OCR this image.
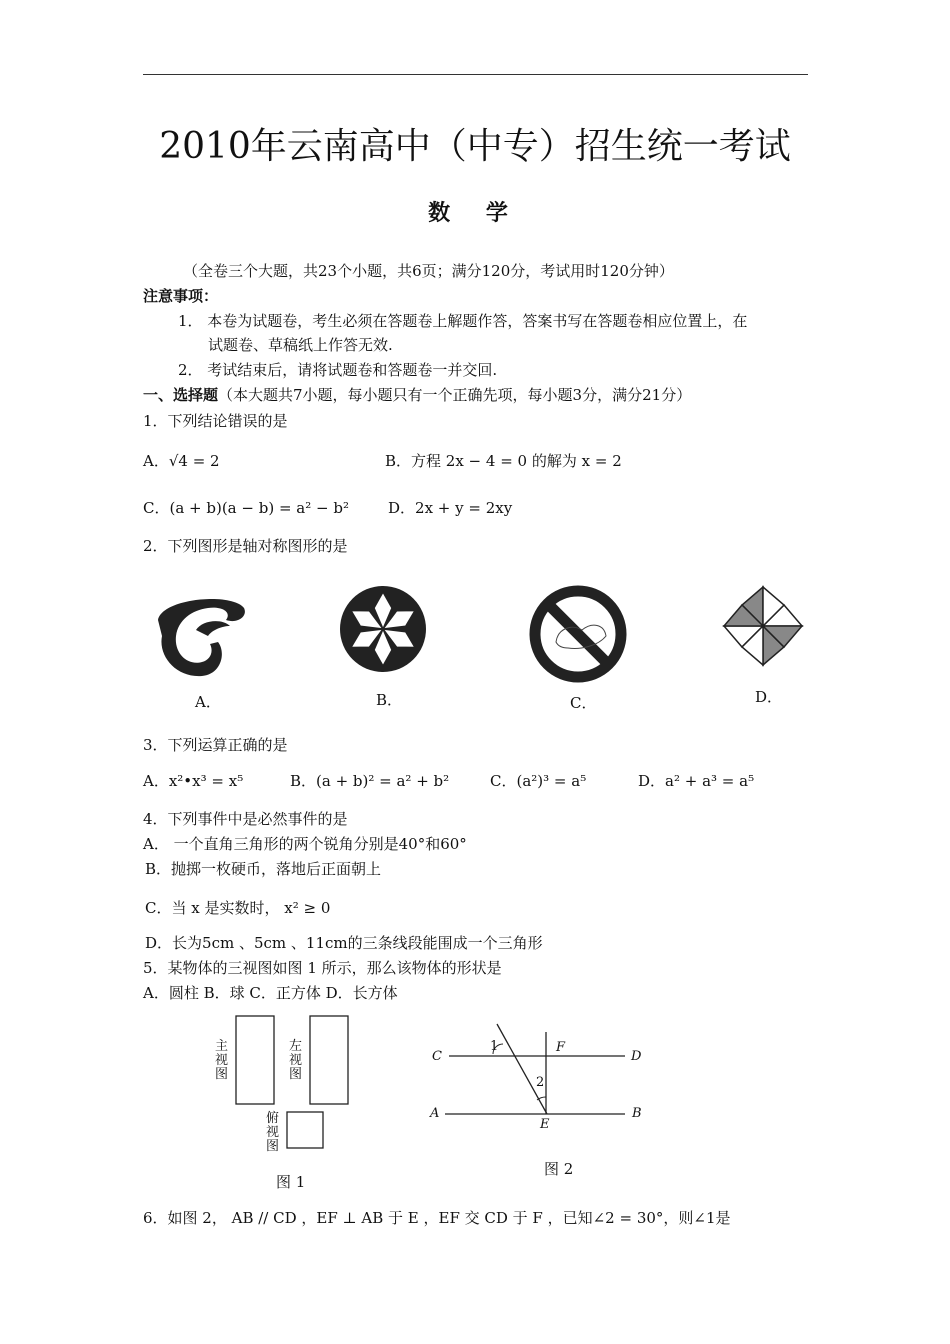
2010年云南高中（中专）招生统一考试
数 学
（全卷三个大题，共23个小题，共6页；满分120分，考试用时120分钟）
注意事项：
1． 本卷为试题卷，考生必须在答题卷上解题作答，答案书写在答题卷相应位置上，在
试题卷、草稿纸上作答无效.
2． 考试结束后，请将试题卷和答题卷一并交回.
一、选择题（本大题共7小题，每小题只有一个正确先项，每小题3分，满分21分）
1．下列结论错误的是
A．√4 = 2	B．方程 2x − 4 = 0 的解为 x = 2
C．(a + b)(a − b) = a² − b²	D．2x + y = 2xy
2．下列图形是轴对称图形的是
A．	B．	C．	D．
3．下列运算正确的是
A．x²•x³ = x⁵	B．(a + b)² = a² + b²	C．(a²)³ = a⁵	D．a² + a³ = a⁵
4．下列事件中是必然事件的是
A． 一个直角三角形的两个锐角分别是40°和60°
B．抛掷一枚硬币，落地后正面朝上
C．当 x 是实数时， x² ≥ 0
D．长为5cm 、5cm 、11cm的三条线段能围成一个三角形
5．某物体的三视图如图 1 所示，那么该物体的形状是
A．圆柱 B．球 C．正方体 D．长方体
主视图
左视图
俯视图
图 1
C	D
A	B
E
F
1
2
图 2
6．如图 2， AB // CD ，EF ⊥ AB 于 E ，EF 交 CD 于 F ，已知∠2 = 30°，则∠1是
